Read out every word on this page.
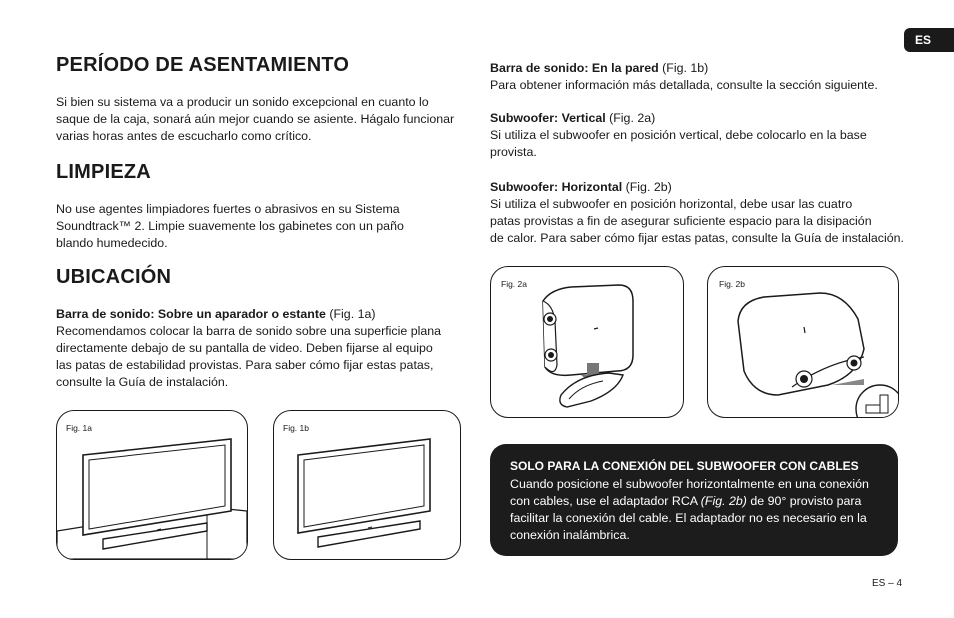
ES
PERÍODO DE ASENTAMIENTO
Si bien su sistema va a producir un sonido excepcional en cuanto lo
saque de la caja, sonará aún mejor cuando se asiente. Hágalo funcionar
varias horas antes de escucharlo como crítico.
LIMPIEZA
No use agentes limpiadores fuertes o abrasivos en su Sistema
Soundtrack™ 2. Limpie suavemente los gabinetes con un paño
blando humedecido.
UBICACIÓN
Barra de sonido: Sobre un aparador o estante (Fig. 1a)
Recomendamos colocar la barra de sonido sobre una superficie plana
directamente debajo de su pantalla de video. Deben fijarse al equipo
las patas de estabilidad provistas. Para saber cómo fijar estas patas,
consulte la Guía de instalación.
Fig. 1a	Fig. 1b
Barra de sonido: En la pared (Fig. 1b)
Para obtener información más detallada, consulte la sección siguiente.
Subwoofer: Vertical (Fig. 2a)
Si utiliza el subwoofer en posición vertical, debe colocarlo en la base
provista.
Subwoofer: Horizontal (Fig. 2b)
Si utiliza el subwoofer en posición horizontal, debe usar las cuatro
patas provistas a fin de asegurar suficiente espacio para la disipación
de calor. Para saber cómo fijar estas patas, consulte la Guía de instalación.
Fig. 2a	Fig. 2b
SOLO PARA LA CONEXIÓN DEL SUBWOOFER CON CABLES
Cuando posicione el subwoofer horizontalmente en una conexión
con cables, use el adaptador RCA (Fig. 2b) de 90° provisto para
facilitar la conexión del cable. El adaptador no es necesario en la
conexión inalámbrica.
ES – 4
